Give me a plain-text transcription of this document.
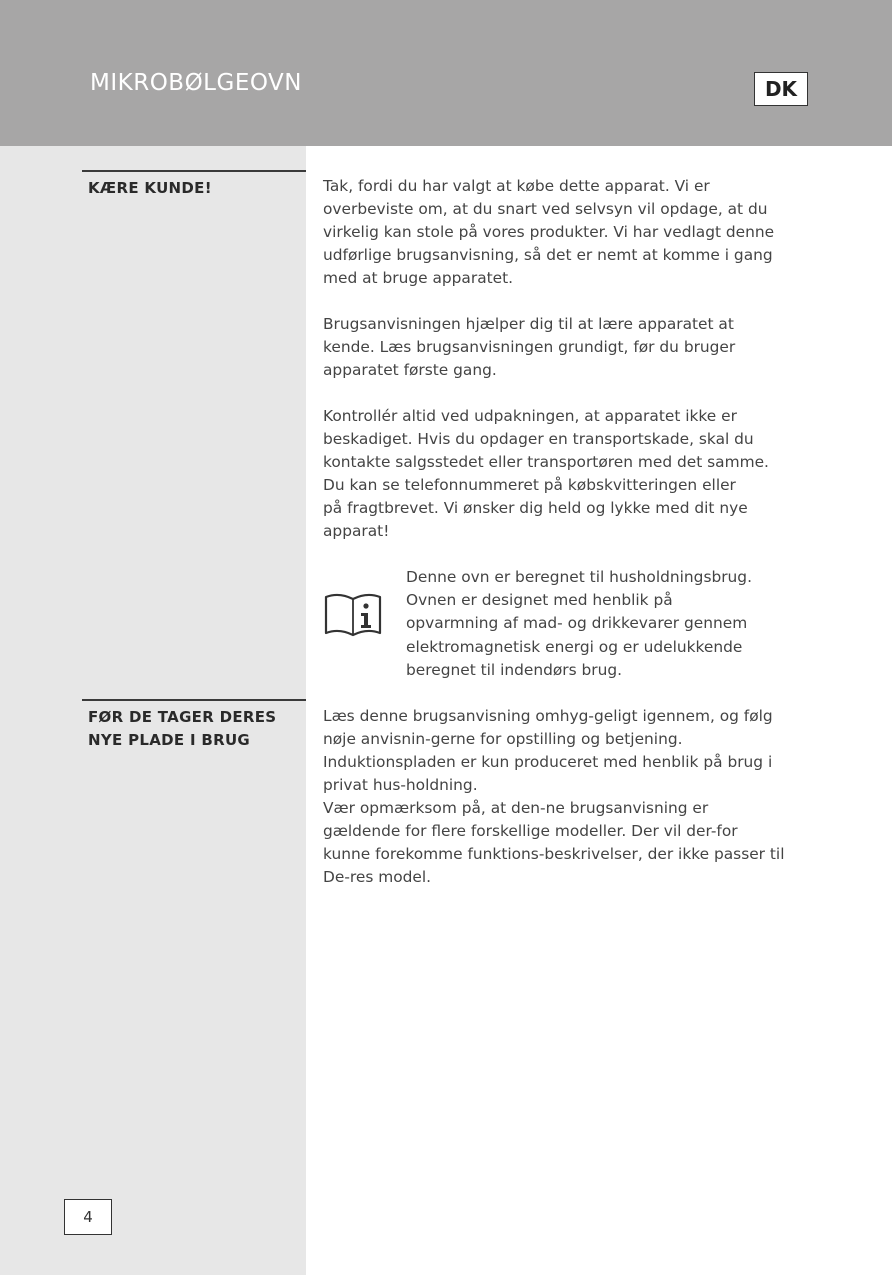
MIKROBØLGEOVN	DK
KÆRE KUNDE!	Tak, fordi du har valgt at købe dette apparat. Vi er
overbeviste om, at du snart ved selvsyn vil opdage, at du
virkelig kan stole på vores produkter. Vi har vedlagt denne
udførlige brugsanvisning, så det er nemt at komme i gang
med at bruge apparatet.

Brugsanvisningen hjælper dig til at lære apparatet at
kende. Læs brugsanvisningen grundigt, før du bruger
apparatet første gang.

Kontrollér altid ved udpakningen, at apparatet ikke er
beskadiget. Hvis du opdager en transportskade, skal du
kontakte salgsstedet eller transportøren med det samme.
Du kan se telefonnummeret på købskvitteringen eller
på fragtbrevet. Vi ønsker dig held og lykke med dit nye
apparat!

Denne ovn er beregnet til husholdningsbrug.
Ovnen er designet med henblik på
opvarmning af mad- og drikkevarer gennem
elektromagnetisk energi og er udelukkende
beregnet til indendørs brug.
FØR DE TAGER DERES
NYE PLADE I BRUG

Læs denne brugsanvisning omhyg-geligt igennem, og følg
nøje anvisnin-gerne for opstilling og betjening.
Induktionspladen er kun produceret med henblik på brug i
privat hus-holdning.
Vær opmærksom på, at den-ne brugsanvisning er
gældende for flere forskellige modeller. Der vil der-for
kunne forekomme funktions-beskrivelser, der ikke passer til
De-res model.

4
